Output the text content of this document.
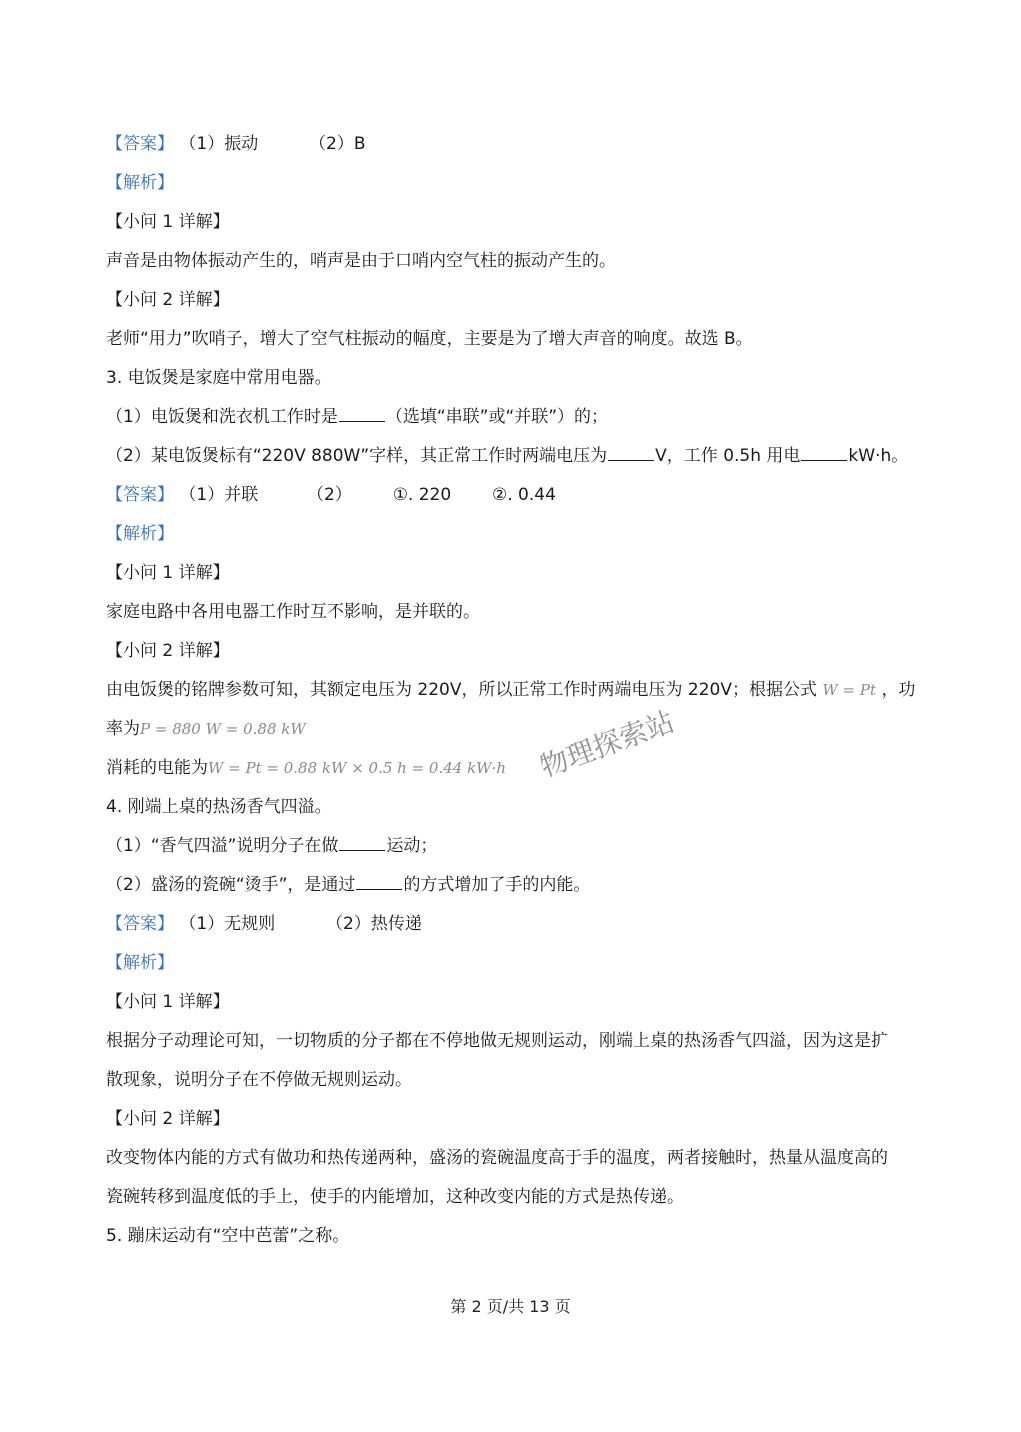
【答案】 （1）振动	（2）B
【解析】
【小问 1 详解】
声音是由物体振动产生的，哨声是由于口哨内空气柱的振动产生的。
【小问 2 详解】
老师“用力”吹哨子，增大了空气柱振动的幅度，主要是为了增大声音的响度。故选 B。
3. 电饭煲是家庭中常用电器。
（1）电饭煲和洗衣机工作时是	（选填“串联”或“并联”）的；
（2）某电饭煲标有“220V 880W”字样，其正常工作时两端电压为	V，工作 0.5h 用电	kW·h。
【答案】 （1）并联	（2） ①. 220 ②. 0.44
【解析】
【小问 1 详解】
家庭电路中各用电器工作时互不影响，是并联的。
【小问 2 详解】
由电饭煲的铭牌参数可知，其额定电压为 220V，所以正常工作时两端电压为 220V；根据公式 W = Pt ，功
率为P = 880 W = 0.88 kW
消耗的电能为W = Pt = 0.88 kW × 0.5 h = 0.44 kW·h
4. 刚端上桌的热汤香气四溢。
（1）“香气四溢”说明分子在做	运动；
（2）盛汤的瓷碗“烫手”，是通过	的方式增加了手的内能。
【答案】 （1）无规则	（2）热传递
【解析】
【小问 1 详解】
根据分子动理论可知，一切物质的分子都在不停地做无规则运动，刚端上桌的热汤香气四溢，因为这是扩
散现象，说明分子在不停做无规则运动。
【小问 2 详解】
改变物体内能的方式有做功和热传递两种，盛汤的瓷碗温度高于手的温度，两者接触时，热量从温度高的
瓷碗转移到温度低的手上，使手的内能增加，这种改变内能的方式是热传递。
5. 蹦床运动有“空中芭蕾”之称。
物理探索站
第 2 页/共 13 页
